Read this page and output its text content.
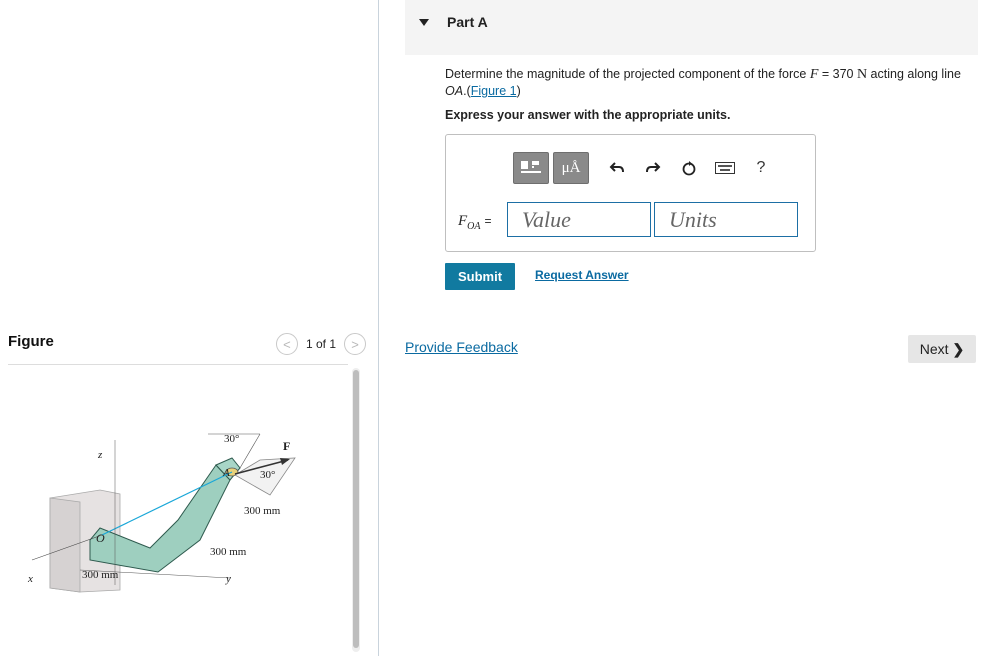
Figure	< 1 of 1 >
30°	F
A	30°
300 mm
300 mm
300 mm
O
z
x	y
Part A
Determine the magnitude of the projected component of the force F = 370 N acting along line OA.(Figure 1)
Express your answer with the appropriate units.
μÅ	?
$F_{OA}$ =	Value	Units
Submit	Request Answer
Provide Feedback	Next ❯
